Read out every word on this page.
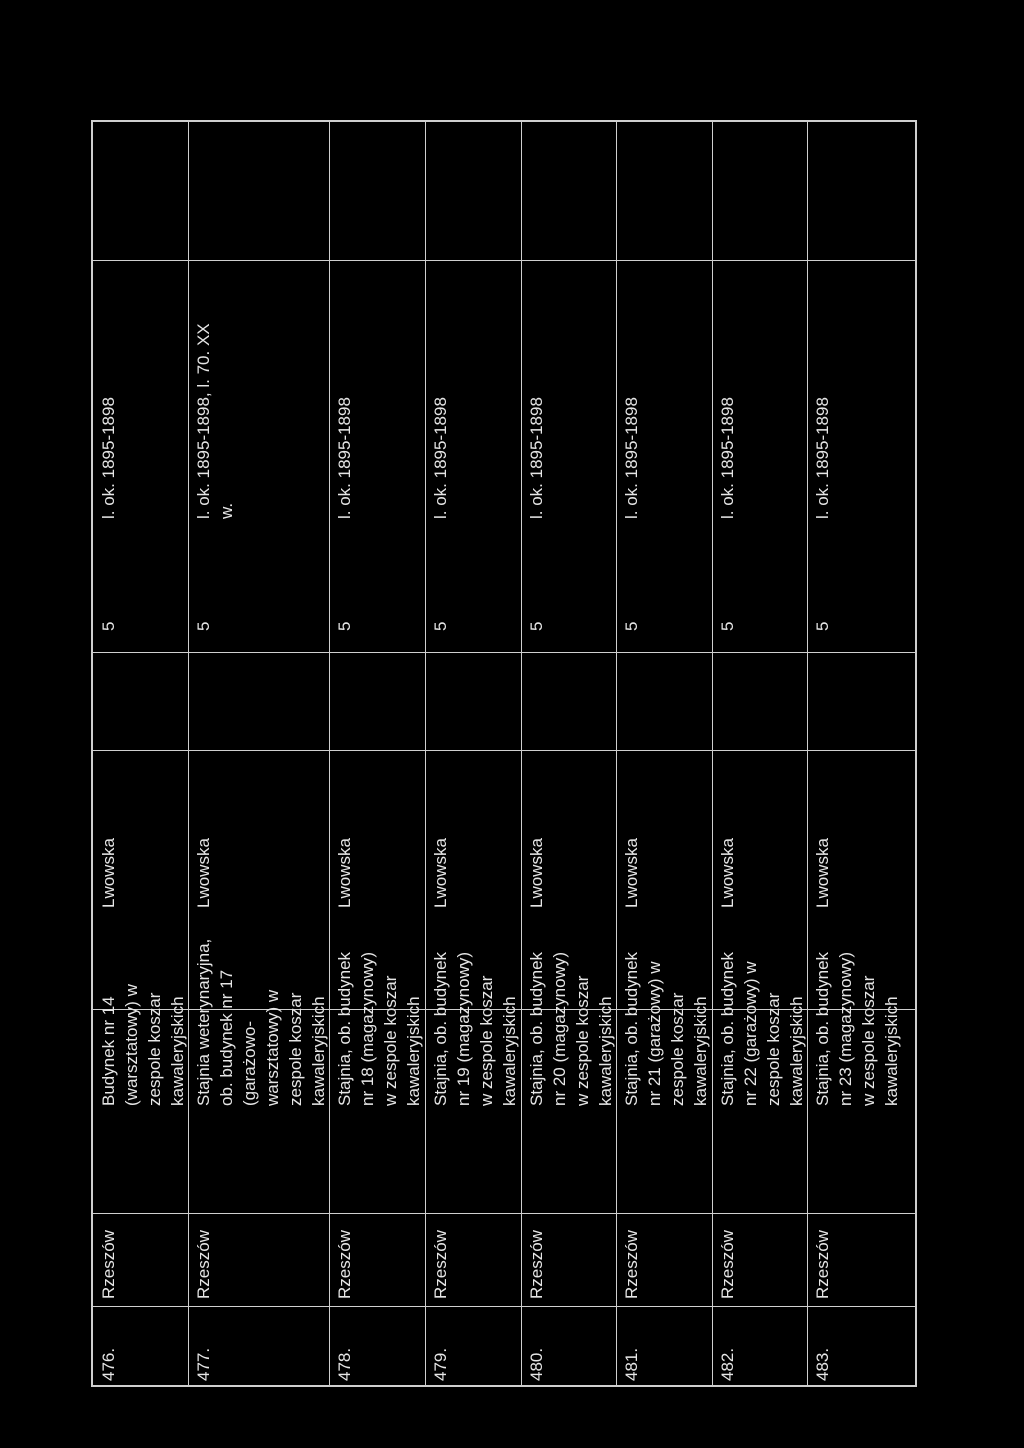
476.
Rzeszów
Budynek nr 14
(warsztatowy) w
zespole koszar
kawaleryjskich
Lwowska
5
l. ok. 1895-1898
477.
Rzeszów
Stajnia weterynaryjna,
ob. budynek nr 17
(garażowo-
warsztatowy) w
zespole koszar
kawaleryjskich
Lwowska
5
l. ok. 1895-1898, l. 70. XX
w.
478.
Rzeszów
Stajnia, ob. budynek
nr 18 (magazynowy)
w zespole koszar
kawaleryjskich
Lwowska
5
l. ok. 1895-1898
479.
Rzeszów
Stajnia, ob. budynek
nr 19 (magazynowy)
w zespole koszar
kawaleryjskich
Lwowska
5
l. ok. 1895-1898
480.
Rzeszów
Stajnia, ob. budynek
nr 20 (magazynowy)
w zespole koszar
kawaleryjskich
Lwowska
5
l. ok. 1895-1898
481.
Rzeszów
Stajnia, ob. budynek
nr 21 (garażowy) w
zespole koszar
kawaleryjskich
Lwowska
5
l. ok. 1895-1898
482.
Rzeszów
Stajnia, ob. budynek
nr 22 (garażowy) w
zespole koszar
kawaleryjskich
Lwowska
5
l. ok. 1895-1898
483.
Rzeszów
Stajnia, ob. budynek
nr 23 (magazynowy)
w zespole koszar
kawaleryjskich
Lwowska
5
l. ok. 1895-1898
